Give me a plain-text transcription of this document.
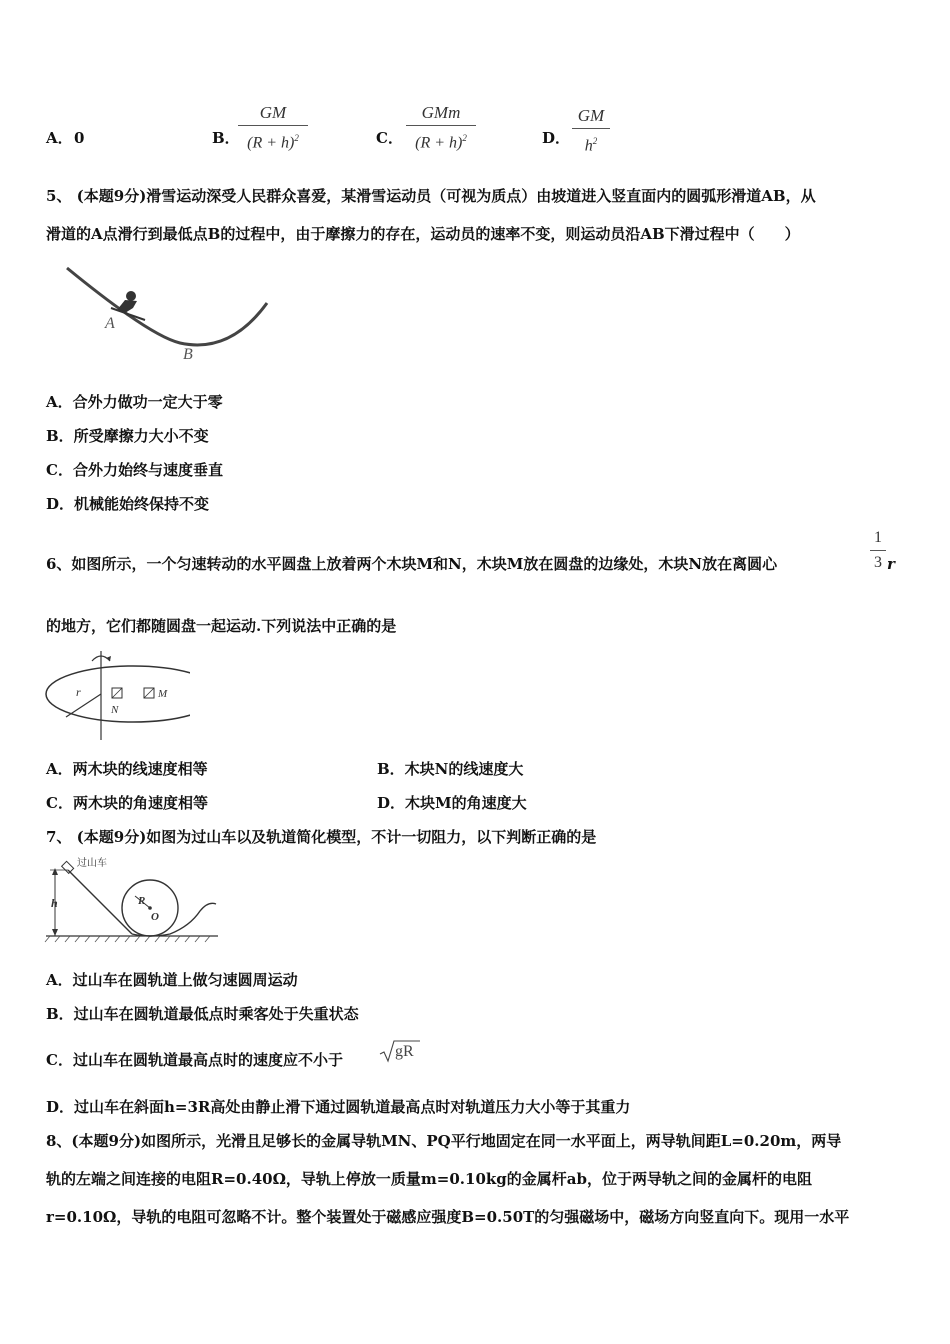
A． 0	B．
GM
$(R + h)^2$	C．
GMm
$(R + h)^2$	D．
GM
$h^2$
5、 (本题9分)滑雪运动深受人民群众喜爱，某滑雪运动员（可视为质点）由坡道进入竖直面内的圆弧形滑道AB，从
滑道的A点滑行到最低点B的过程中，由于摩擦力的存在，运动员的速率不变，则运动员沿AB下滑过程中（　　）
A
B
A．合外力做功一定大于零
B．所受摩擦力大小不变
C．合外力始终与速度垂直
D．机械能始终保持不变
6、如图所示，一个匀速转动的水平圆盘上放着两个木块M和N，木块M放在圆盘的边缘处，木块N放在离圆心
1
3 r
的地方，它们都随圆盘一起运动.下列说法中正确的是
r
N
M
A．两木块的线速度相等	B．木块N的线速度大
C．两木块的角速度相等	D．木块M的角速度大
7、 (本题9分)如图为过山车以及轨道简化模型，不计一切阻力，以下判断正确的是
h
过山车
R
O
A．过山车在圆轨道上做匀速圆周运动
B．过山车在圆轨道最低点时乘客处于失重状态
C．过山车在圆轨道最高点时的速度应不小于	gR
D．过山车在斜面h=3R高处由静止滑下通过圆轨道最高点时对轨道压力大小等于其重力
8、(本题9分)如图所示，光滑且足够长的金属导轨MN、PQ平行地固定在同一水平面上，两导轨间距L=0.20m，两导
轨的左端之间连接的电阻R=0.40Ω，导轨上停放一质量m=0.10kg的金属杆ab，位于两导轨之间的金属杆的电阻
r=0.10Ω，导轨的电阻可忽略不计。整个装置处于磁感应强度B=0.50T的匀强磁场中，磁场方向竖直向下。现用一水平
